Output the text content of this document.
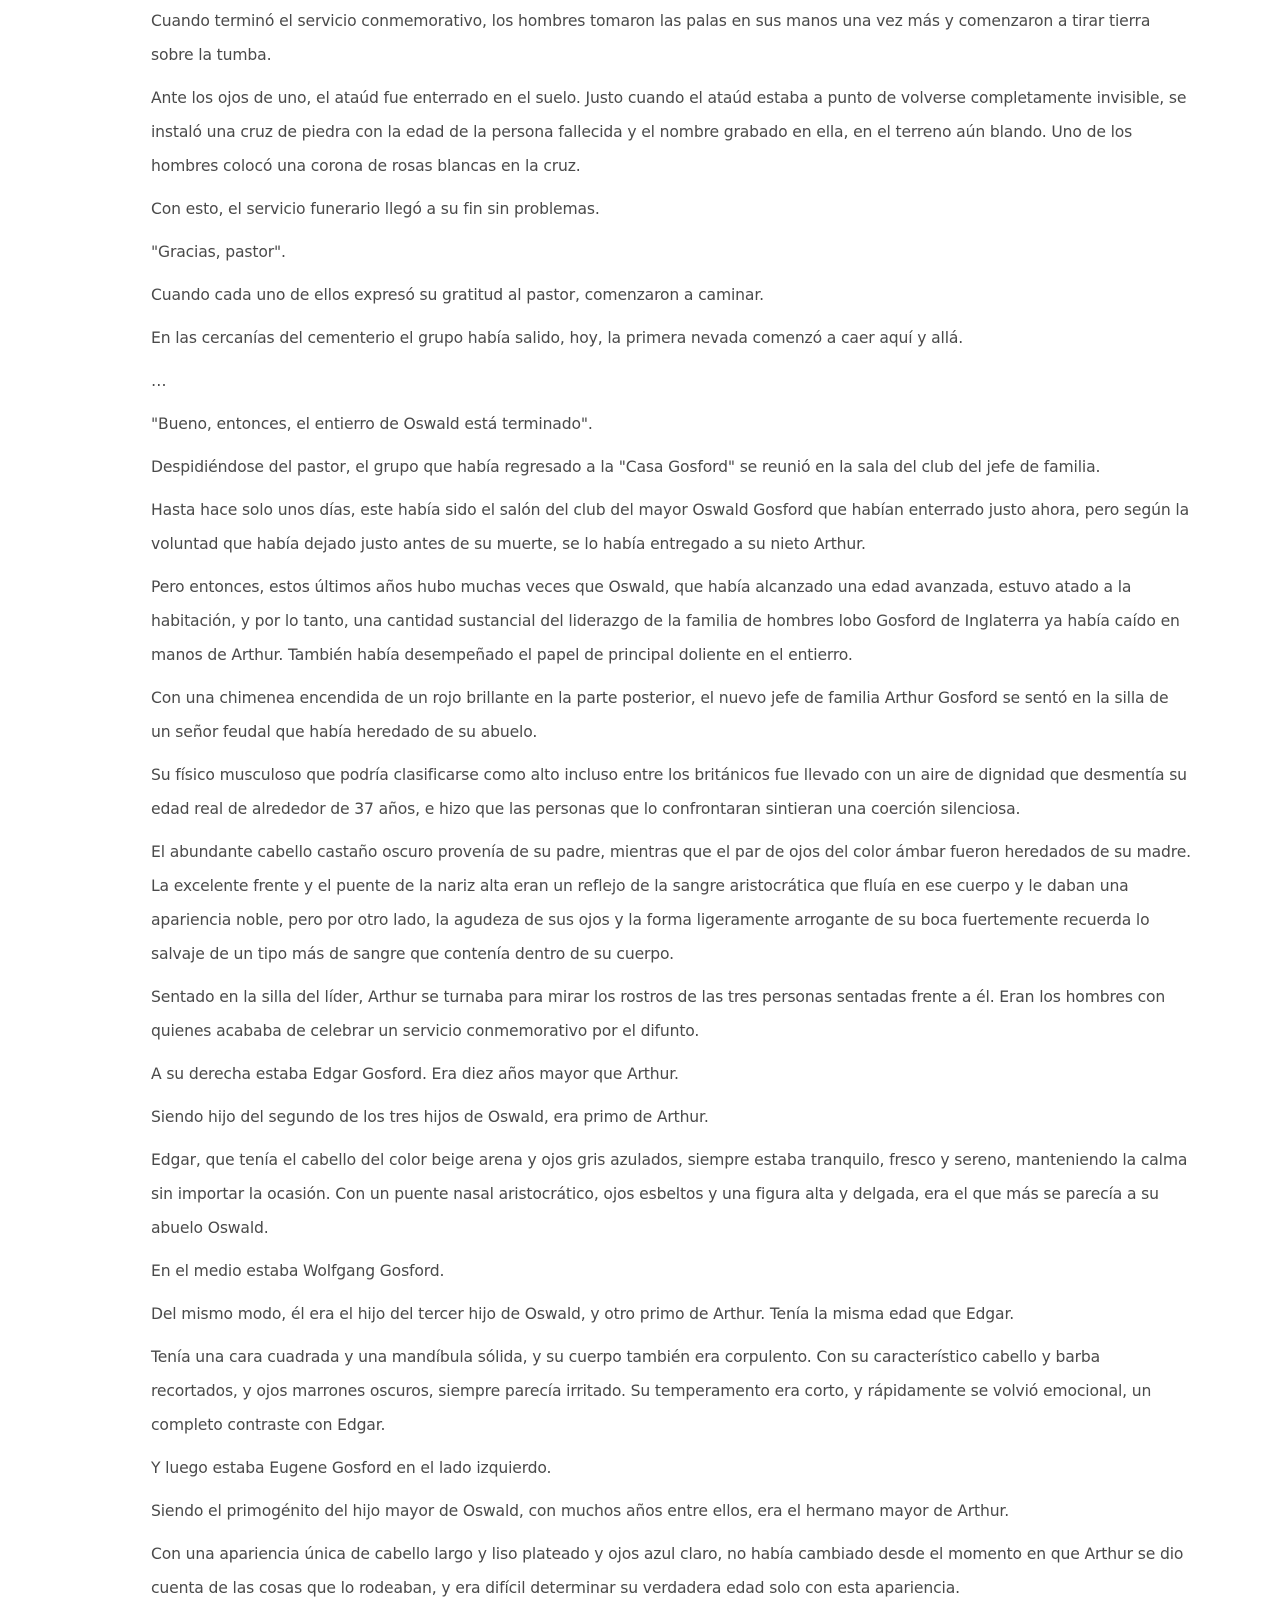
Cuando terminó el servicio conmemorativo, los hombres tomaron las palas en sus manos una vez más y comenzaron a tirar tierra sobre la tumba.

Ante los ojos de uno, el ataúd fue enterrado en el suelo. Justo cuando el ataúd estaba a punto de volverse completamente invisible, se instaló una cruz de piedra con la edad de la persona fallecida y el nombre grabado en ella, en el terreno aún blando. Uno de los hombres colocó una corona de rosas blancas en la cruz.

Con esto, el servicio funerario llegó a su fin sin problemas.

"Gracias, pastor".

Cuando cada uno de ellos expresó su gratitud al pastor, comenzaron a caminar.

En las cercanías del cementerio el grupo había salido, hoy, la primera nevada comenzó a caer aquí y allá.

…

"Bueno, entonces, el entierro de Oswald está terminado".

Despidiéndose del pastor, el grupo que había regresado a la "Casa Gosford" se reunió en la sala del club del jefe de familia.

Hasta hace solo unos días, este había sido el salón del club del mayor Oswald Gosford que habían enterrado justo ahora, pero según la voluntad que había dejado justo antes de su muerte, se lo había entregado a su nieto Arthur.

Pero entonces, estos últimos años hubo muchas veces que Oswald, que había alcanzado una edad avanzada, estuvo atado a la habitación, y por lo tanto, una cantidad sustancial del liderazgo de la familia de hombres lobo Gosford de Inglaterra ya había caído en manos de Arthur. También había desempeñado el papel de principal doliente en el entierro.

Con una chimenea encendida de un rojo brillante en la parte posterior, el nuevo jefe de familia Arthur Gosford se sentó en la silla de un señor feudal que había heredado de su abuelo.

Su físico musculoso que podría clasificarse como alto incluso entre los británicos fue llevado con un aire de dignidad que desmentía su edad real de alrededor de 37 años, e hizo que las personas que lo confrontaran sintieran una coerción silenciosa.

El abundante cabello castaño oscuro provenía de su padre, mientras que el par de ojos del color ámbar fueron heredados de su madre. La excelente frente y el puente de la nariz alta eran un reflejo de la sangre aristocrática que fluía en ese cuerpo y le daban una apariencia noble, pero por otro lado, la agudeza de sus ojos y la forma ligeramente arrogante de su boca fuertemente recuerda lo salvaje de un tipo más de sangre que contenía dentro de su cuerpo.

Sentado en la silla del líder, Arthur se turnaba para mirar los rostros de las tres personas sentadas frente a él. Eran los hombres con quienes acababa de celebrar un servicio conmemorativo por el difunto.

A su derecha estaba Edgar Gosford. Era diez años mayor que Arthur.

Siendo hijo del segundo de los tres hijos de Oswald, era primo de Arthur.

Edgar, que tenía el cabello del color beige arena y ojos gris azulados, siempre estaba tranquilo, fresco y sereno, manteniendo la calma sin importar la ocasión. Con un puente nasal aristocrático, ojos esbeltos y una figura alta y delgada, era el que más se parecía a su abuelo Oswald.

En el medio estaba Wolfgang Gosford.

Del mismo modo, él era el hijo del tercer hijo de Oswald, y otro primo de Arthur. Tenía la misma edad que Edgar.

Tenía una cara cuadrada y una mandíbula sólida, y su cuerpo también era corpulento. Con su característico cabello y barba recortados, y ojos marrones oscuros, siempre parecía irritado. Su temperamento era corto, y rápidamente se volvió emocional, un completo contraste con Edgar.

Y luego estaba Eugene Gosford en el lado izquierdo.

Siendo el primogénito del hijo mayor de Oswald, con muchos años entre ellos, era el hermano mayor de Arthur.

Con una apariencia única de cabello largo y liso plateado y ojos azul claro, no había cambiado desde el momento en que Arthur se dio cuenta de las cosas que lo rodeaban, y era difícil determinar su verdadera edad solo con esta apariencia.
